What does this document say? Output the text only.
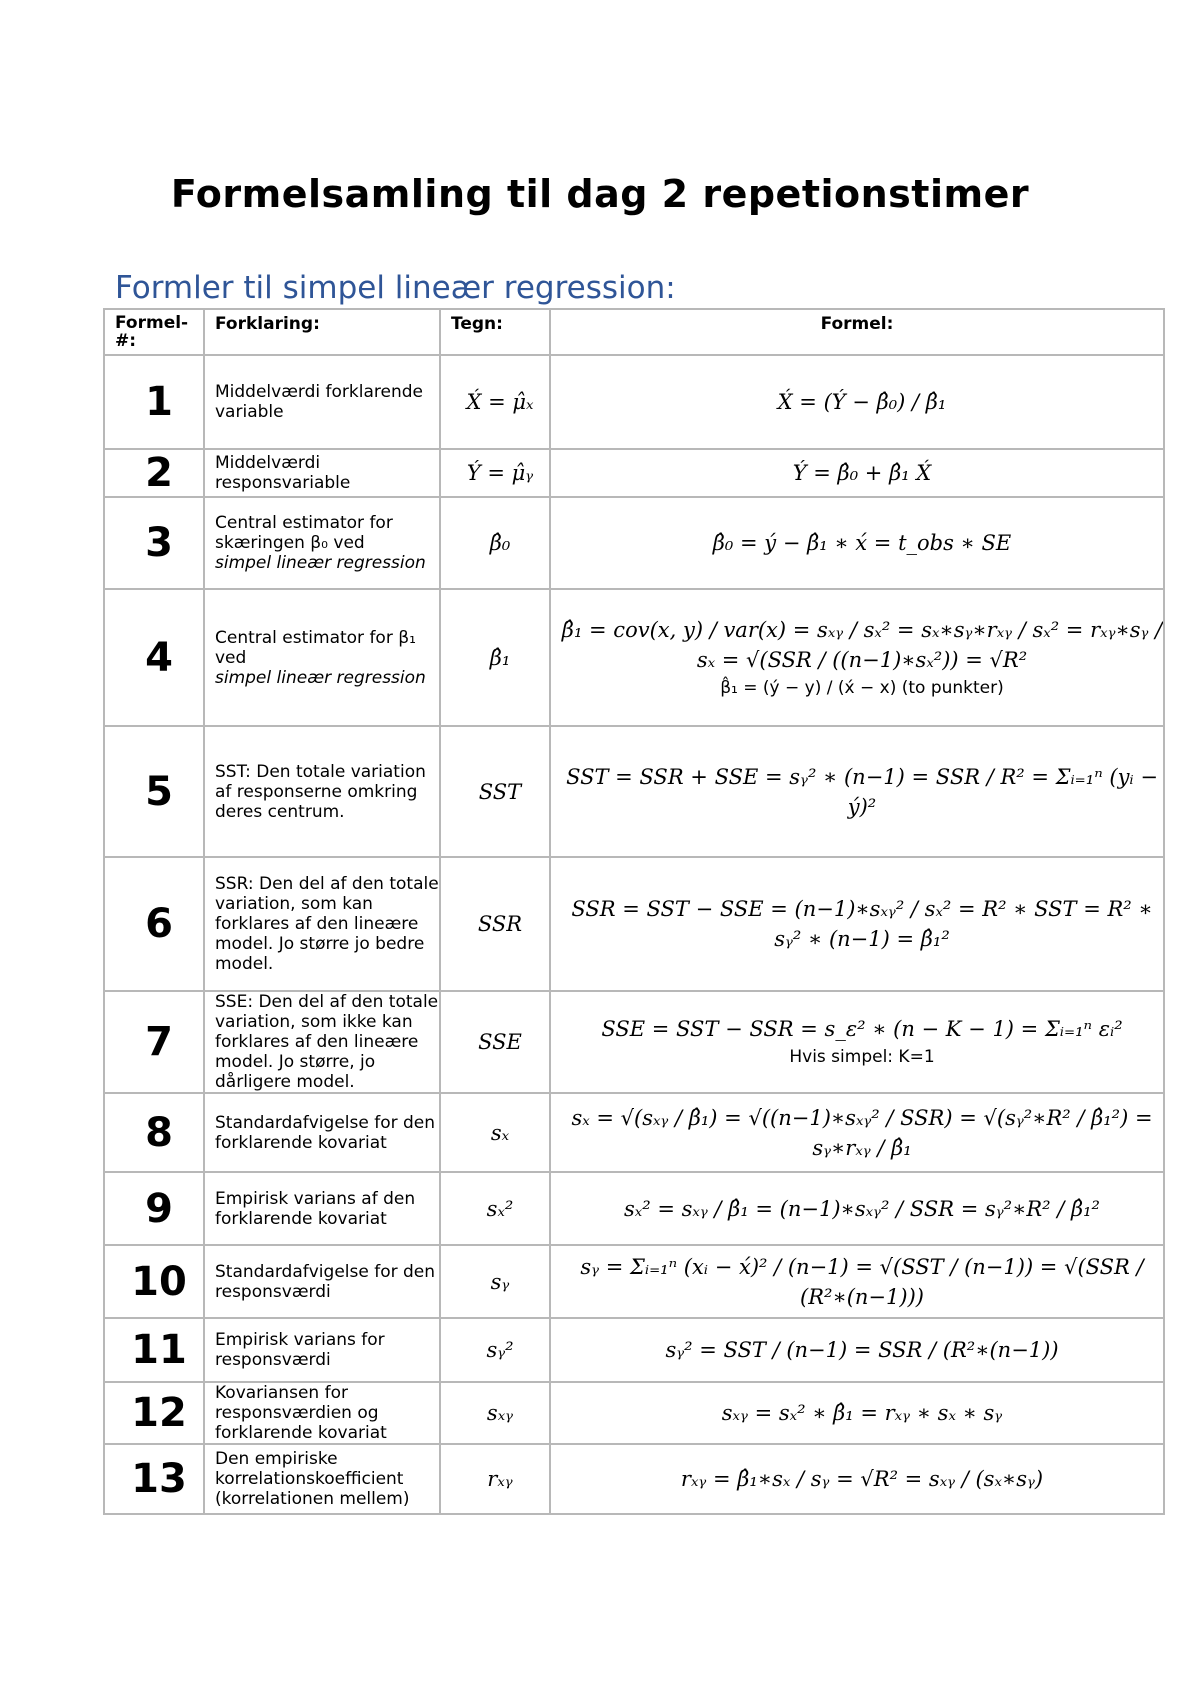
Formelsamling til dag 2 repetionstimer
Formler til simpel lineær regression:
Formel-#:	Forklaring:	Tegn:	Formel:
1	Middelværdi forklarende variable	X́ = μ̂ₓ	X́ = (Ý − β̂₀) / β̂₁
2	Middelværdi responsvariable	Ý = μ̂ᵧ	Ý = β̂₀ + β̂₁ X́
3	Central estimator for skæringen β₀ ved
simpel lineær regression	β̂₀	β̂₀ = ý − β̂₁ ∗ x́ = t_obs ∗ SE
4	Central estimator for β₁ ved
simpel lineær regression	β̂₁	β̂₁ = cov(x, y) / var(x) = sₓᵧ / sₓ² = sₓ∗sᵧ∗rₓᵧ / sₓ² = rₓᵧ∗sᵧ / sₓ = √(SSR / ((n−1)∗sₓ²)) = √R²
β̂₁ = (ý − y) / (x́ − x) (to punkter)

5	SST: Den totale variation af responserne omkring deres centrum.	SST	SST = SSR + SSE = sᵧ² ∗ (n−1) = SSR / R² = Σᵢ₌₁ⁿ (yᵢ − ý)²
6	SSR: Den del af den totale variation, som kan forklares af den lineære model. Jo større jo bedre model.	SSR	SSR = SST − SSE = (n−1)∗sₓᵧ² / sₓ² = R² ∗ SST = R² ∗ sᵧ² ∗ (n−1) = β̂₁²
7	SSE: Den del af den totale variation, som ikke kan forklares af den lineære model. Jo større, jo dårligere model.	SSE	SSE = SST − SSR = s_ε² ∗ (n − K − 1) = Σᵢ₌₁ⁿ εᵢ²
Hvis simpel: K=1

8	Standardafvigelse for den forklarende kovariat	sₓ	sₓ = √(sₓᵧ / β̂₁) = √((n−1)∗sₓᵧ² / SSR) = √(sᵧ²∗R² / β̂₁²) = sᵧ∗rₓᵧ / β̂₁
9	Empirisk varians af den forklarende kovariat	sₓ²	sₓ² = sₓᵧ / β̂₁ = (n−1)∗sₓᵧ² / SSR = sᵧ²∗R² / β̂₁²
10	Standardafvigelse for den responsværdi	sᵧ	sᵧ = Σᵢ₌₁ⁿ (xᵢ − x́)² / (n−1) = √(SST / (n−1)) = √(SSR / (R²∗(n−1)))
11	Empirisk varians for responsværdi	sᵧ²	sᵧ² = SST / (n−1) = SSR / (R²∗(n−1))
12	Kovariansen for responsværdien og forklarende kovariat	sₓᵧ	sₓᵧ = sₓ² ∗ β̂₁ = rₓᵧ ∗ sₓ ∗ sᵧ
13	Den empiriske korrelationskoefficient (korrelationen mellem)	rₓᵧ	rₓᵧ = β̂₁∗sₓ / sᵧ = √R² = sₓᵧ / (sₓ∗sᵧ)
